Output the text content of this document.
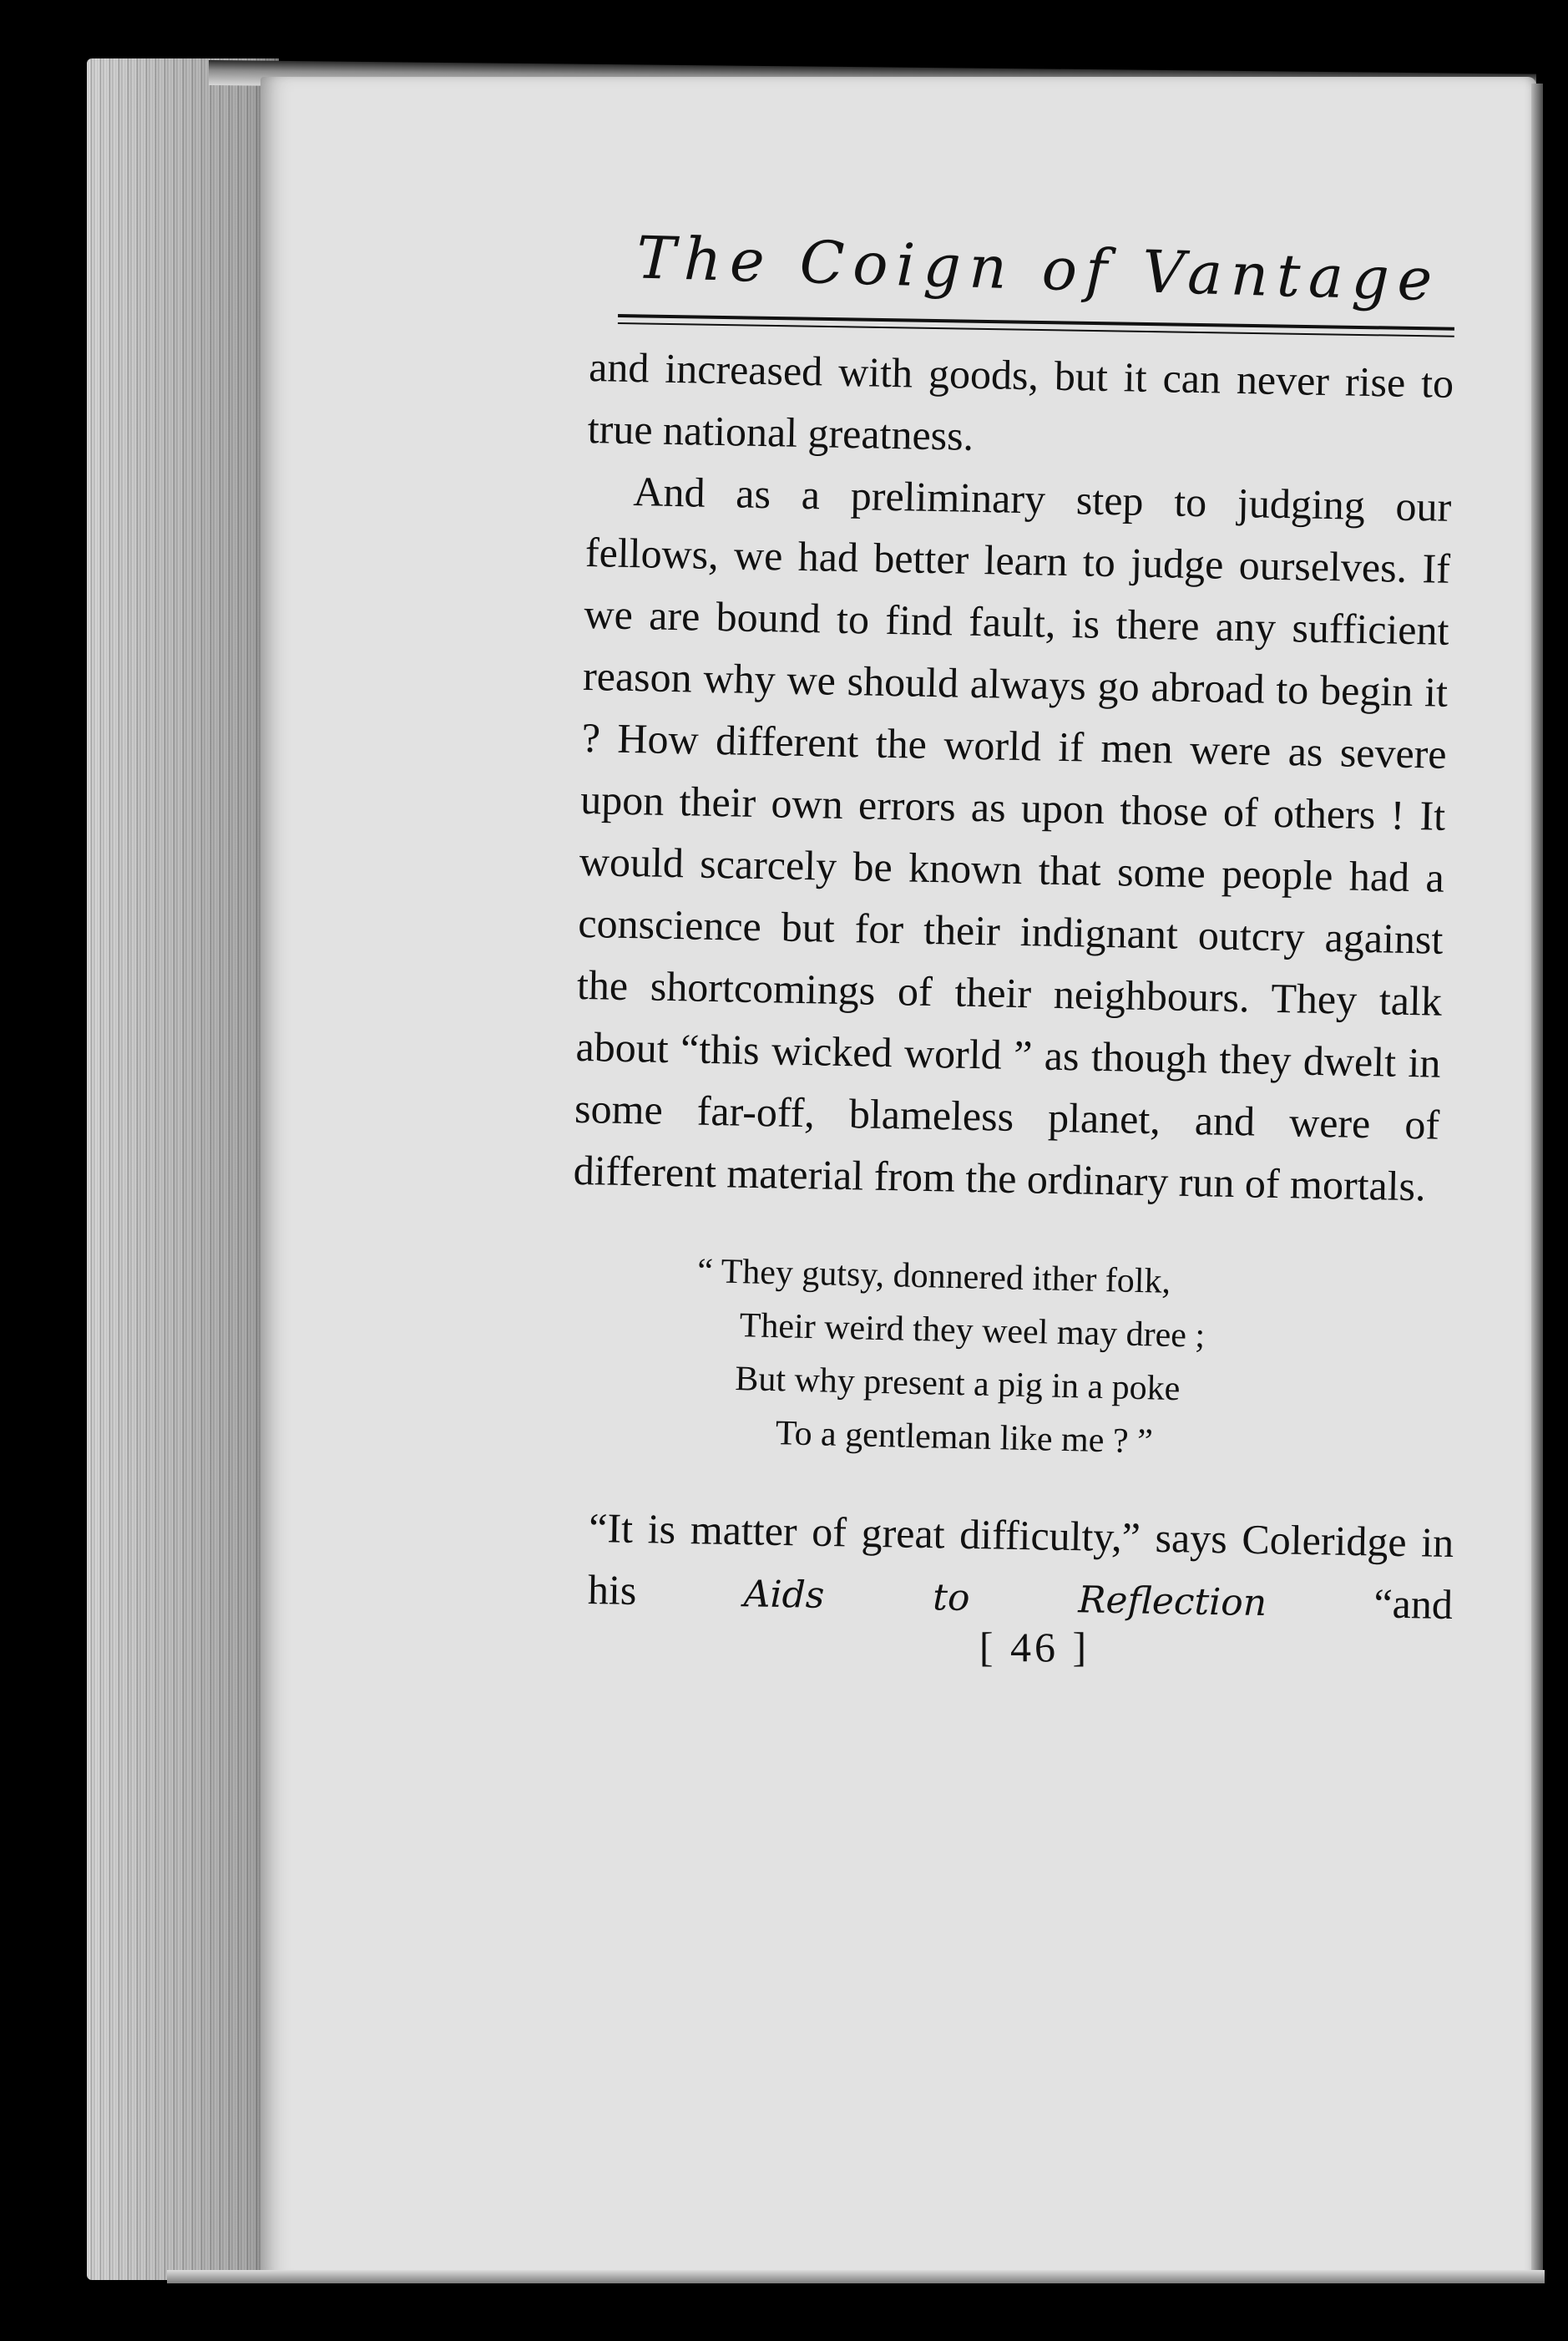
The Coign of Vantage

and increased with goods, but it can never rise to true national greatness.

And as a preliminary step to judging our fellows, we had better learn to judge ourselves. If we are bound to find fault, is there any sufficient reason why we should always go abroad to begin it ? How different the world if men were as severe upon their own errors as upon those of others ! It would scarcely be known that some people had a conscience but for their indignant outcry against the shortcomings of their neighbours. They talk about “this wicked world ” as though they dwelt in some far-off, blameless planet, and were of different material from the ordinary run of mortals.

“ They gutsy, donnered ither folk,
Their weird they weel may dree ;
But why present a pig in a poke
To a gentleman like me ? ”

“It is matter of great difficulty,” says Coleridge in his	Aids to Reflection	“and

[ 46 ]
